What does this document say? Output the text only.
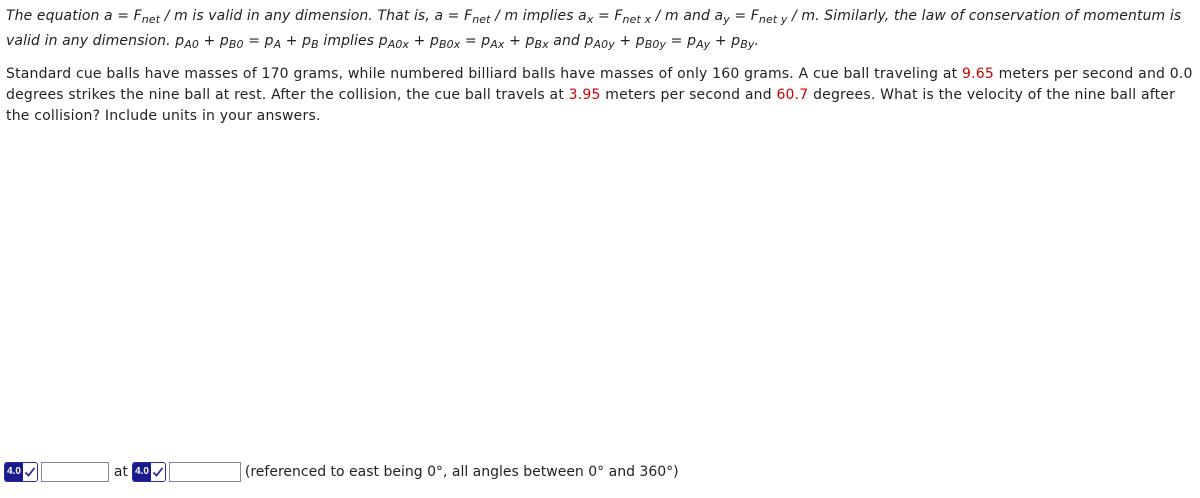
The equation $a = F_{net} / m$ is valid in any dimension. That is, $a = F_{net} / m$ implies $a_x = F_{net x} / m$ and $a_y = F_{net y} / m$. Similarly, the law of conservation of momentum is valid in any dimension. $p_{A0} + p_{B0} = p_A + p_B$ implies $p_{A0x} + p_{B0x} = p_{Ax} + p_{Bx}$ and $p_{A0y} + p_{B0y} = p_{Ay} + p_{By}$.
Standard cue balls have masses of 170 grams, while numbered billiard balls have masses of only 160 grams. A cue ball traveling at 9.65 meters per second and 0.0 degrees strikes the nine ball at rest. After the collision, the cue ball travels at 3.95 meters per second and 60.7 degrees. What is the velocity of the nine ball after the collision? Include units in your answers.
4.0	at 4.0	(referenced to east being 0°, all angles between 0° and 360°)
